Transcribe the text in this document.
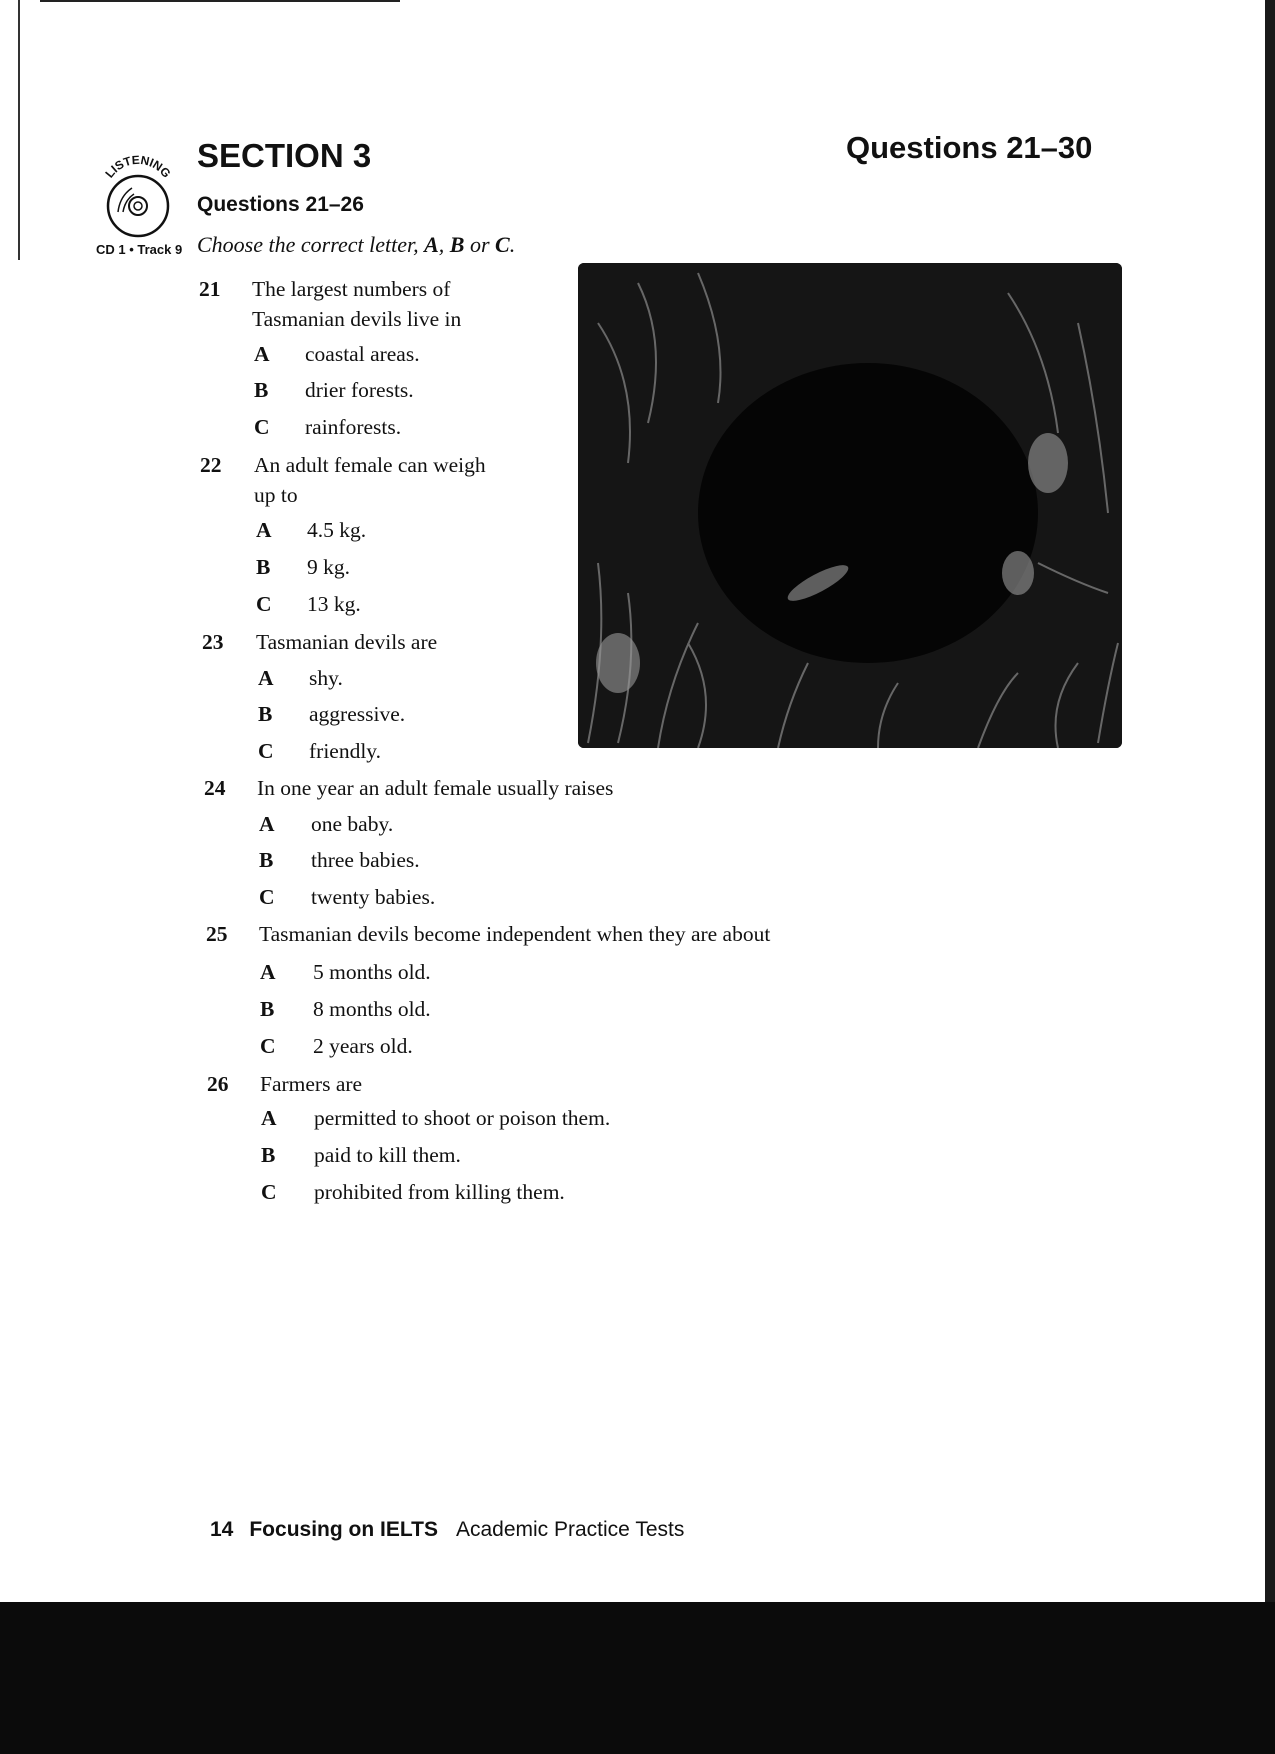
LISTENING
CD 1 • Track 9
SECTION 3	Questions 21–30
Questions 21–26
Choose the correct letter, A, B or C.
21	The largest numbers of
Tasmanian devils live in
A coastal areas.
B drier forests.
C rainforests.
22	An adult female can weigh
up to
A 4.5 kg.
B 9 kg.
C 13 kg.
23	Tasmanian devils are
A shy.
B aggressive.
C friendly.
24	In one year an adult female usually raises
A one baby.
B three babies.
C twenty babies.
25	Tasmanian devils become independent when they are about
A 5 months old.
B 8 months old.
C 2 years old.
26	Farmers are
A permitted to shoot or poison them.
B paid to kill them.
C prohibited from killing them.
14 Focusing on IELTS Academic Practice Tests
